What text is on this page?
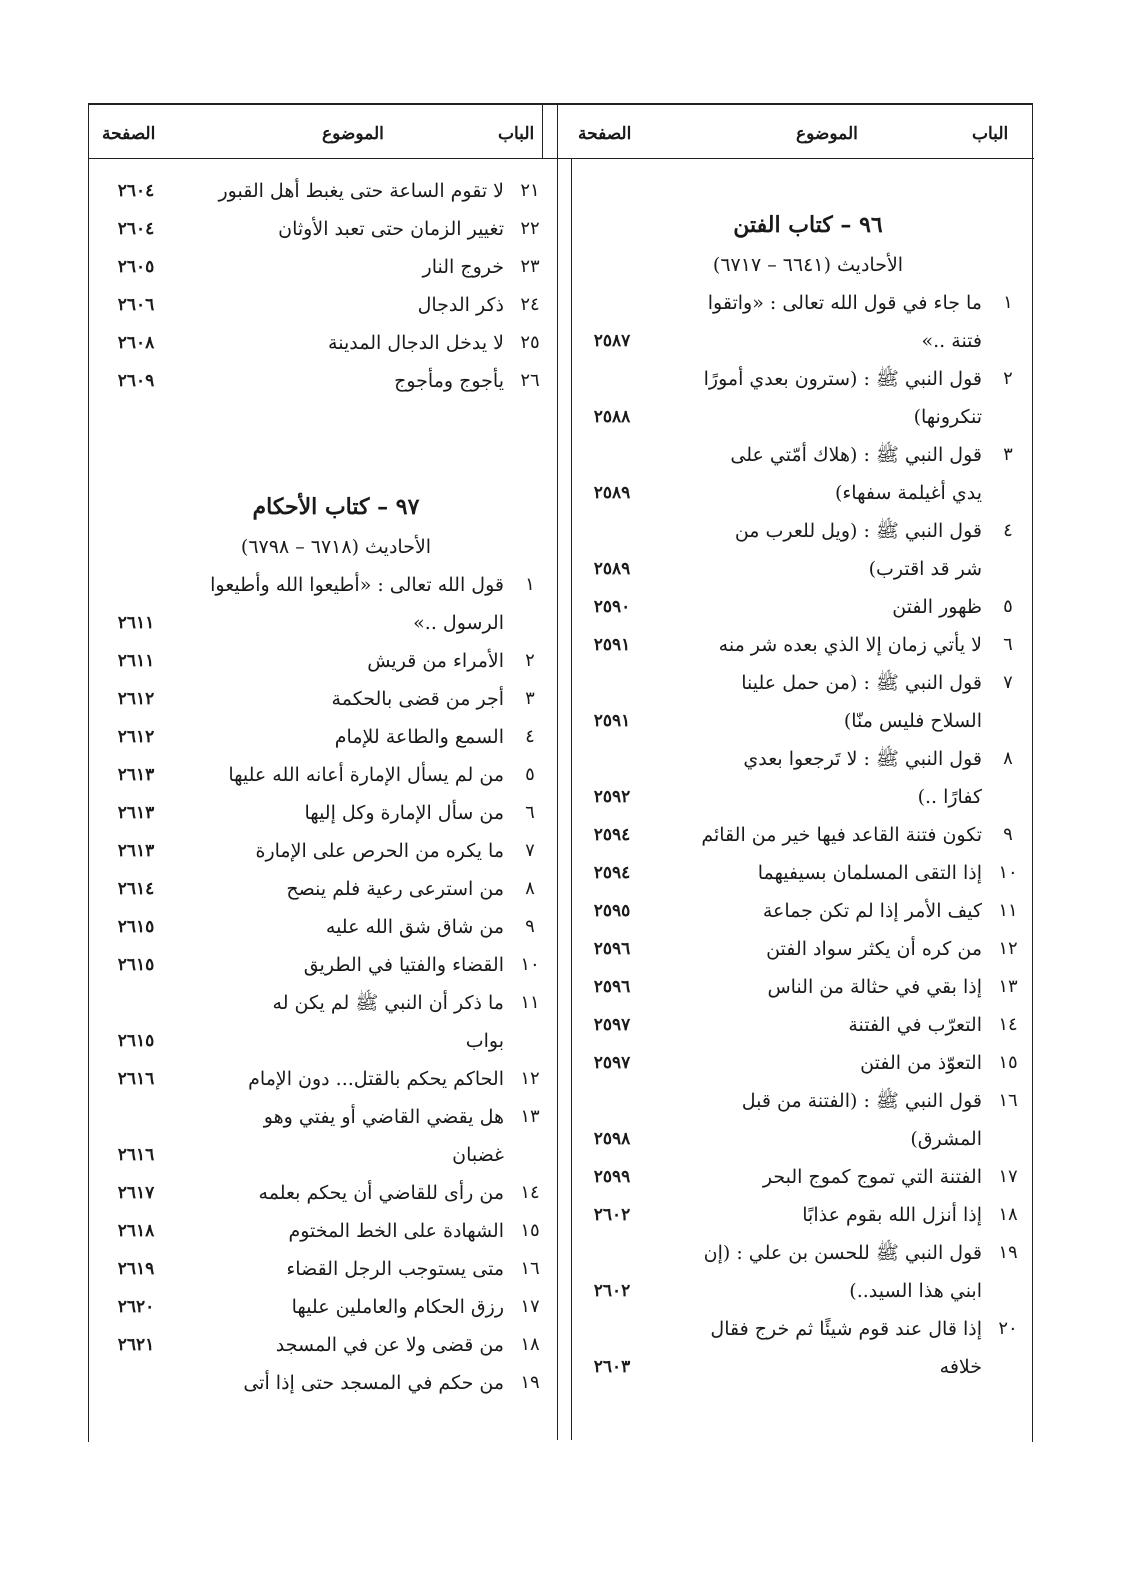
الباب
الموضوع
الصفحة
الباب
الموضوع
الصفحة
٩٦ – كتاب الفتن
الأحاديث (٦٦٤١ – ٦٧١٧)
١
ما جاء في قول الله تعالى : «واتقوا
فتنة ..»
٢٥٨٧
٢
قول النبي ﷺ : (سترون بعدي أمورًا
تنكرونها)
٢٥٨٨
٣
قول النبي ﷺ : (هلاك أمّتي على
يدي أغيلمة سفهاء)
٢٥٨٩
٤
قول النبي ﷺ : (ويل للعرب من
شر قد اقترب)
٢٥٨٩
٥
ظهور الفتن
٢٥٩٠
٦
لا يأتي زمان إلا الذي بعده شر منه
٢٥٩١
٧
قول النبي ﷺ : (من حمل علينا
السلاح فليس منّا)
٢٥٩١
٨
قول النبي ﷺ : لا تَرجعوا بعدي
كفارًا ..)
٢٥٩٢
٩
تكون فتنة القاعد فيها خير من القائم
٢٥٩٤
١٠
إذا التقى المسلمان بسيفيهما
٢٥٩٤
١١
كيف الأمر إذا لم تكن جماعة
٢٥٩٥
١٢
من كره أن يكثر سواد الفتن
٢٥٩٦
١٣
إذا بقي في حثالة من الناس
٢٥٩٦
١٤
التعرّب في الفتنة
٢٥٩٧
١٥
التعوّذ من الفتن
٢٥٩٧
١٦
قول النبي ﷺ : (الفتنة من قبل
المشرق)
٢٥٩٨
١٧
الفتنة التي تموج كموج البحر
٢٥٩٩
١٨
إذا أنزل الله بقوم عذابًا
٢٦٠٢
١٩
قول النبي ﷺ للحسن بن علي : (إن
ابني هذا السيد..)
٢٦٠٢
٢٠
إذا قال عند قوم شيئًا ثم خرج فقال
خلافه
٢٦٠٣
٢١
لا تقوم الساعة حتى يغبط أهل القبور
٢٦٠٤
٢٢
تغيير الزمان حتى تعبد الأوثان
٢٦٠٤
٢٣
خروج النار
٢٦٠٥
٢٤
ذكر الدجال
٢٦٠٦
٢٥
لا يدخل الدجال المدينة
٢٦٠٨
٢٦
يأجوج ومأجوج
٢٦٠٩
٩٧ – كتاب الأحكام
الأحاديث (٦٧١٨ – ٦٧٩٨)
١
قول الله تعالى : «أطيعوا الله وأطيعوا
الرسول ..»
٢٦١١
٢
الأمراء من قريش
٢٦١١
٣
أجر من قضى بالحكمة
٢٦١٢
٤
السمع والطاعة للإمام
٢٦١٢
٥
من لم يسأل الإمارة أعانه الله عليها
٢٦١٣
٦
من سأل الإمارة وكل إليها
٢٦١٣
٧
ما يكره من الحرص على الإمارة
٢٦١٣
٨
من استرعى رعية فلم ينصح
٢٦١٤
٩
من شاق شق الله عليه
٢٦١٥
١٠
القضاء والفتيا في الطريق
٢٦١٥
١١
ما ذكر أن النبي ﷺ لم يكن له
بواب
٢٦١٥
١٢
الحاكم يحكم بالقتل... دون الإمام
٢٦١٦
١٣
هل يقضي القاضي أو يفتي وهو
غضبان
٢٦١٦
١٤
من رأى للقاضي أن يحكم بعلمه
٢٦١٧
١٥
الشهادة على الخط المختوم
٢٦١٨
١٦
متى يستوجب الرجل القضاء
٢٦١٩
١٧
رزق الحكام والعاملين عليها
٢٦٢٠
١٨
من قضى ولا عن في المسجد
٢٦٢١
١٩
من حكم في المسجد حتى إذا أتى
